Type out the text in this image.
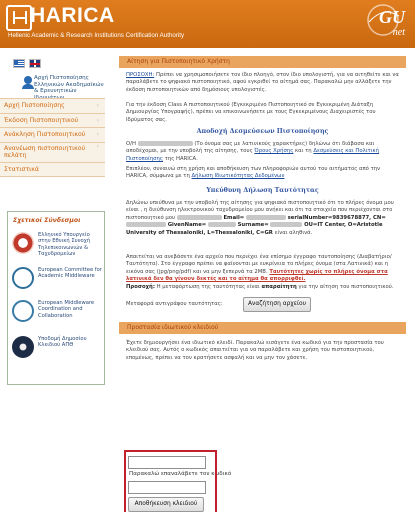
HARICA
Hellenic Academic & Research Institutions Certification Authority
GU
net
Αρχή Πιστοποίησης Ελληνικών Ακαδημαϊκών & Ερευνητικών
Αρχή Πιστοποίησης	›
Έκδοση Πιστοποιητικού	›
Ανάκληση Πιστοποιητικού ›
Ανανέωση πιστοποιητικού πελάτη
›
Στατιστικά
Σχετικοί Σύνδεσμοι
Ελληνικό Υπουργείο στην Εθνική Συνοχή Τηλεπικοινωνιών & Ταχυδρομείων
European Committee for Academic Middleware
European Middleware Coordination and Collaboration
Υποδομή Δημοσίου Κλειδιού ΑΠΘ
Αίτηση για Πιστοποιητικό Χρήστη
ΠΡΟΣΟΧΗ: Πρέπει να χρησιμοποιήσετε τον ίδιο πλοηγό, στον ίδιο υπολογιστή, για να αιτηθείτε και να παραλάβετε το ψηφιακό πιστοποιητικό, αφού εγκριθεί το αίτημά σας. Παρακαλώ μην αλλάξετε την έκδοση πιστοποιητικών από δημόσιους υπολογιστές.
Για την έκδοση Class A πιστοποιητικού (Εγκεκριμένο Πιστοποιητικό σε Εγκεκριμένη Διάταξη Δημιουργίας Υπογραφής), πρέπει να επικοινωνήσετε με τους Εγκεκριμένους Διαχειριστές του Ιδρύματος σας.
Αποδοχή Δεσμεύσεων Πιστοποίησης
Ο/Η	(Το όνομα σας με λατινικούς χαρακτήρες) δηλώνω ότι διάβασα και αποδέχομαι, με την υποβολή της αίτησης, τους Όρους Χρήσης και τη Δεσμεύσεις και Πολιτική Πιστοποίησης της HARICA.
Επιπλέον, συναινώ στη χρήση και αποθήκευση των πληροφοριών αυτού του αιτήματος από την HARICA, σύμφωνα με τη Δήλωση Ιδιωτικότητας Δεδομένων
Υπεύθυνη Δήλωση Ταυτότητας
Δηλώνω υπεύθυνα με την υποβολή της αίτησης για ψηφιακό πιστοποιητικό ότι το πλήρες όνομα μου είναι , η διεύθυνση ηλεκτρονικού ταχυδρομείου μου ανήκει και ότι τα στοιχεία που περιέχονται στο πιστοποιητικό μου	Email=	serialNumber=9839678877, CN=  GivenName=	Surname=	OU=IT Center, O=Aristotle University of Thessaloniki, L=Thessaloniki, C=GR είναι αληθινά.
Απαιτείται να ανεβάσετε ένα αρχείο που περιέχει ένα επίσημο έγγραφο ταυτοποίησης (Διαβατήριο/Ταυτότητα). Στο έγγραφο πρέπει να φαίνονται με ευκρίνεια το πλήρες όνομα (στα Λατινικά) και η εικόνα σας (jpg/png/pdf) και να μην ξεπερνά τα 2MB. Ταυτότητες χωρίς το πλήρες όνομα στα λατινικά δεν θα γίνουν δεκτές και το αίτημα θα απορριφθεί.
Προσοχή: Η μεταφόρτωση της ταυτότητας είναι απαραίτητη για την αίτηση του πιστοποιητικού.
Μεταφορά αντιγράφου ταυτότητας:	Αναζήτηση αρχείου
Προστασία ιδιωτικού κλειδιού
Έχετε δημιουργήσει ένα ιδιωτικό κλειδί. Παρακαλώ εισάγετε ένα κωδικό για την προστασία του κλειδιού σας. Αυτός ο κωδικός απαιτείται για να παραλάβετε και χρήση του πιστοποιητικού, επομένως, πρέπει να τον κρατήσετε ασφαλή και να μην τον χάσετε.
Παρακαλώ επαναλάβετε τον κωδικό
Αποθήκευση κλειδιού
